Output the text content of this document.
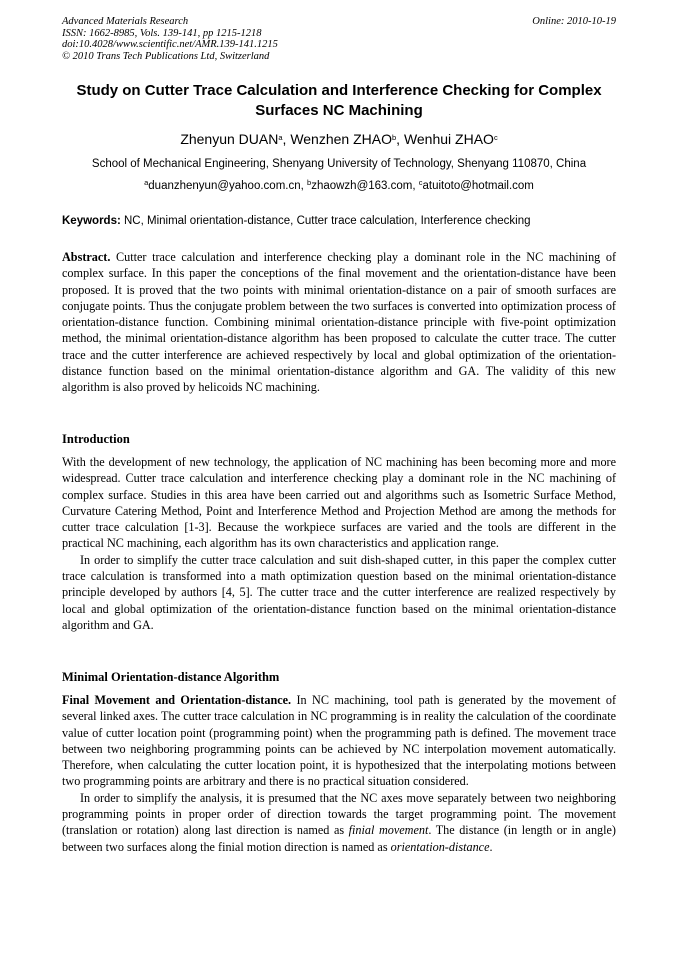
Advanced Materials Research
ISSN: 1662-8985, Vols. 139-141, pp 1215-1218
doi:10.4028/www.scientific.net/AMR.139-141.1215
© 2010 Trans Tech Publications Ltd, Switzerland
Online: 2010-10-19
Study on Cutter Trace Calculation and Interference Checking for Complex Surfaces NC Machining
Zhenyun DUAN$^a$, Wenzhen ZHAO$^b$, Wenhui ZHAO$^c$
School of Mechanical Engineering, Shenyang University of Technology, Shenyang 110870, China
$^a$duanzhenyun@yahoo.com.cn, $^b$zhaowzh@163.com, $^c$atuitoto@hotmail.com
Keywords: NC, Minimal orientation-distance, Cutter trace calculation, Interference checking

Abstract. Cutter trace calculation and interference checking play a dominant role in the NC machining of complex surface. In this paper the conceptions of the final movement and the orientation-distance have been proposed. It is proved that the two points with minimal orientation-distance on a pair of smooth surfaces are conjugate points. Thus the conjugate problem between the two surfaces is converted into optimization process of orientation-distance function. Combining minimal orientation-distance principle with five-point optimization method, the minimal orientation-distance algorithm has been proposed to calculate the cutter trace. The cutter trace and the cutter interference are achieved respectively by local and global optimization of the orientation-distance function based on the minimal orientation-distance algorithm and GA. The validity of this new algorithm is also proved by helicoids NC machining.

Introduction

With the development of new technology, the application of NC machining has been becoming more and more widespread. Cutter trace calculation and interference checking play a dominant role in the NC machining of complex surface. Studies in this area have been carried out and algorithms such as Isometric Surface Method, Curvature Catering Method, Point and Interference Method and Projection Method are among the methods for cutter trace calculation [1-3]. Because the workpiece surfaces are varied and the tools are different in the practical NC machining, each algorithm has its own characteristics and application range.

In order to simplify the cutter trace calculation and suit dish-shaped cutter, in this paper the complex cutter trace calculation is transformed into a math optimization question based on the minimal orientation-distance principle developed by authors [4, 5]. The cutter trace and the cutter interference are realized respectively by local and global optimization of the orientation-distance function based on the minimal orientation-distance algorithm and GA.

Minimal Orientation-distance Algorithm

Final Movement and Orientation-distance. In NC machining, tool path is generated by the movement of several linked axes. The cutter trace calculation in NC programming is in reality the calculation of the coordinate value of cutter location point (programming point) when the programming path is defined. The movement trace between two neighboring programming points can be achieved by NC interpolation movement automatically. Therefore, when calculating the cutter location point, it is hypothesized that the interpolating motions between two programming points are arbitrary and there is no practical situation considered.

In order to simplify the analysis, it is presumed that the NC axes move separately between two neighboring programming points in proper order of direction towards the target programming point. The movement (translation or rotation) along last direction is named as finial movement. The distance (in length or in angle) between two surfaces along the finial motion direction is named as orientation-distance.
